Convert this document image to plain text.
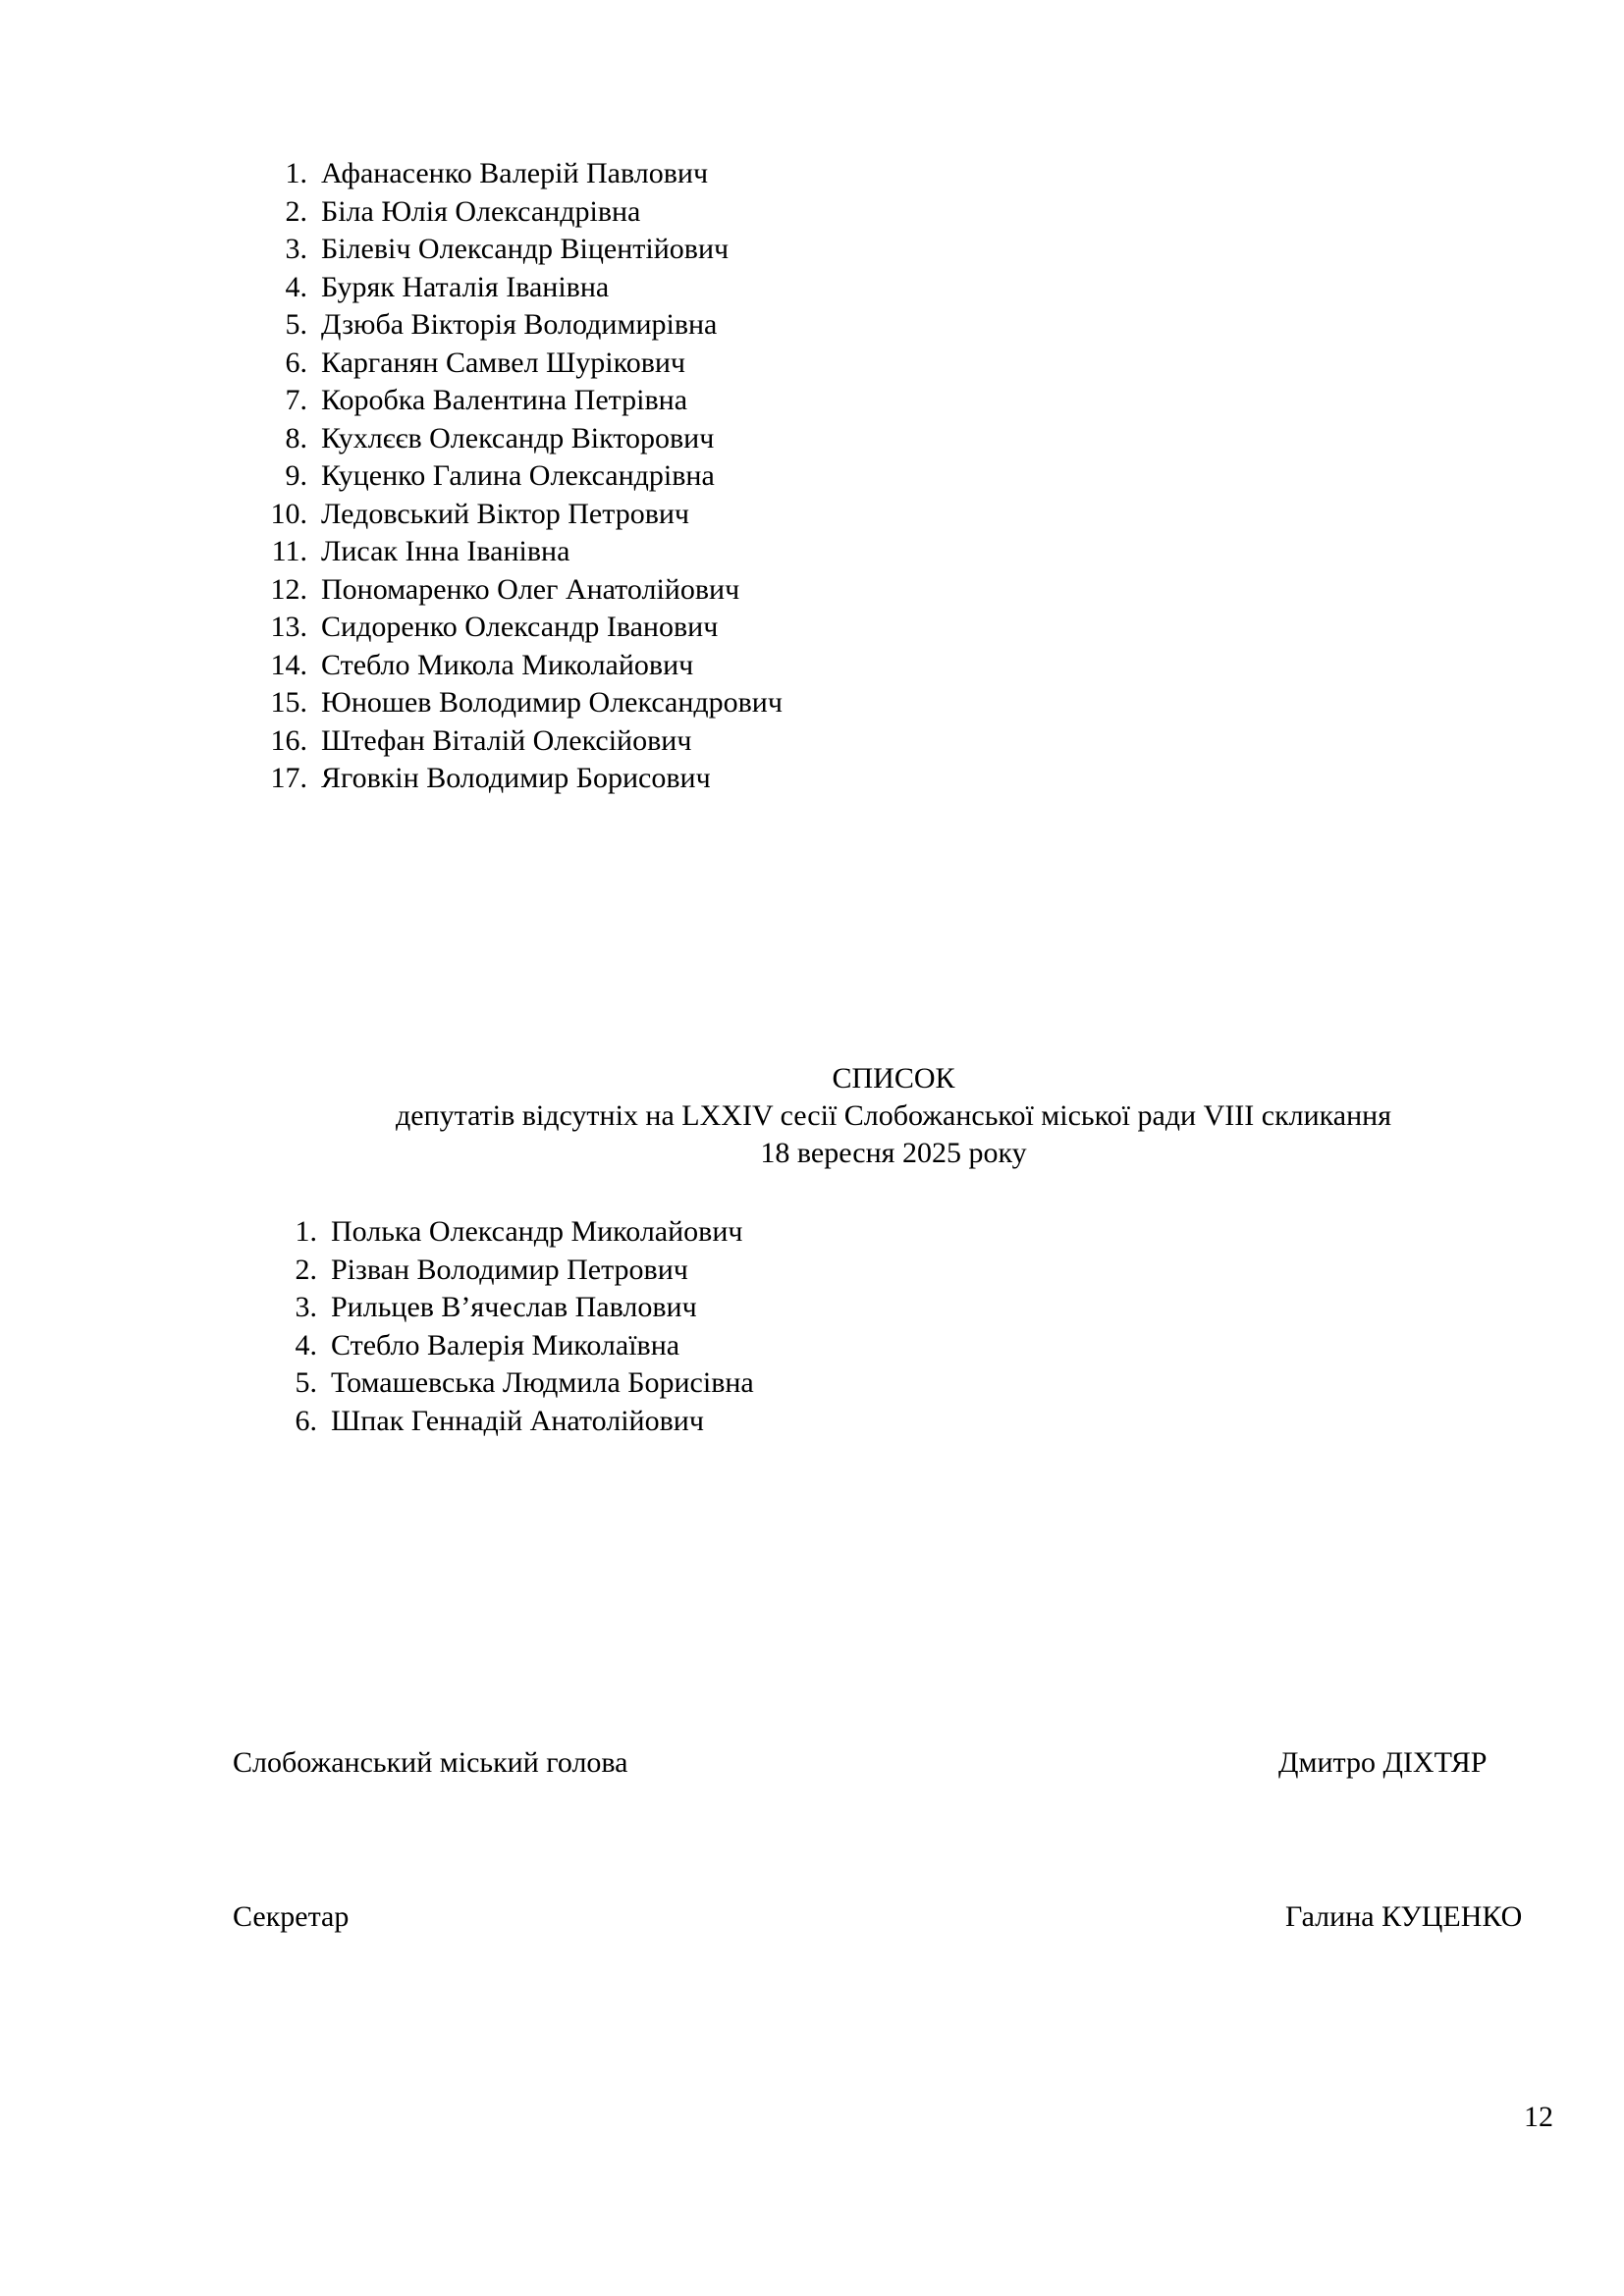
1. Афанасенко Валерій Павлович
2. Біла Юлія Олександрівна
3. Білевіч Олександр Віцентійович
4. Буряк Наталія Іванівна
5. Дзюба Вікторія Володимирівна
6. Карганян Самвел Шурікович
7. Коробка Валентина Петрівна
8. Кухлєєв Олександр Вікторович
9. Куценко Галина Олександрівна
10. Ледовський Віктор Петрович
11. Лисак Інна Іванівна
12. Пономаренко Олег Анатолійович
13. Сидоренко Олександр Іванович
14. Стебло Микола Миколайович
15. Юношев Володимир Олександрович
16. Штефан Віталій Олексійович
17. Яговкін Володимир Борисович
СПИСОК
депутатів відсутніх на LXXIV сесії Слобожанської міської ради VIII скликання
18 вересня 2025 року
1. Полька Олександр Миколайович
2. Різван Володимир Петрович
3. Рильцев В’ячеслав Павлович
4. Стебло Валерія Миколаївна
5. Томашевська Людмила Борисівна
6. Шпак Геннадій Анатолійович
Слобожанський міський голова	Дмитро ДІХТЯР
Секретар	Галина КУЦЕНКО
12
